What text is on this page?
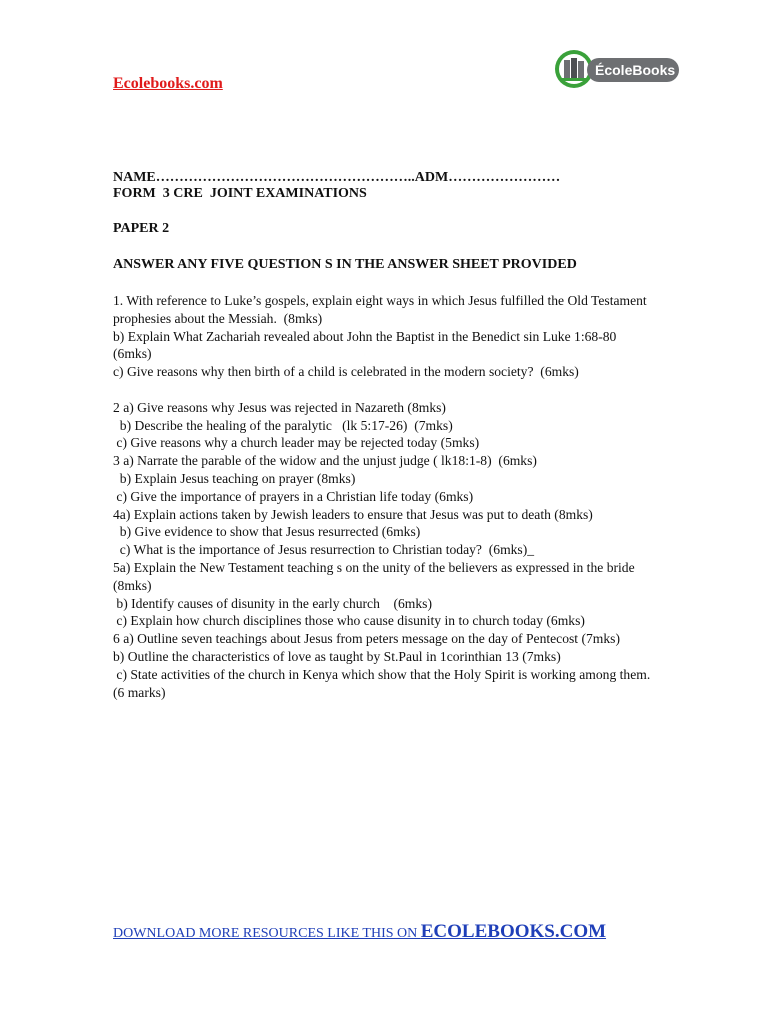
Ecolebooks.com
ÉcoleBooks
NAME………………………………………………..ADM……………………
FORM  3 CRE  JOINT EXAMINATIONS
PAPER 2
ANSWER ANY FIVE QUESTION S IN THE ANSWER SHEET PROVIDED

1. With reference to Luke’s gospels, explain eight ways in which Jesus fulfilled the Old Testament prophesies about the Messiah.  (8mks)

b) Explain What Zachariah revealed about John the Baptist in the Benedict sin Luke 1:68-80 (6mks)

c) Give reasons why then birth of a child is celebrated in the modern society?  (6mks)

2 a) Give reasons why Jesus was rejected in Nazareth (8mks)

b) Describe the healing of the paralytic   (lk 5:17-26)  (7mks)

c) Give reasons why a church leader may be rejected today (5mks)

3 a) Narrate the parable of the widow and the unjust judge ( lk18:1-8)  (6mks)

b) Explain Jesus teaching on prayer (8mks)

c) Give the importance of prayers in a Christian life today (6mks)

4a) Explain actions taken by Jewish leaders to ensure that Jesus was put to death (8mks)

b) Give evidence to show that Jesus resurrected (6mks)

c) What is the importance of Jesus resurrection to Christian today?  (6mks)_

5a) Explain the New Testament teaching s on the unity of the believers as expressed in the bride   (8mks)

b) Identify causes of disunity in the early church    (6mks)

c) Explain how church disciplines those who cause disunity in to church today (6mks)

6 a) Outline seven teachings about Jesus from peters message on the day of Pentecost (7mks)

b) Outline the characteristics of love as taught by St.Paul in 1corinthian 13 (7mks)

c) State activities of the church in Kenya which show that the Holy Spirit is working among them. (6 marks)

DOWNLOAD MORE RESOURCES LIKE THIS ON ECOLEBOOKS.COM
